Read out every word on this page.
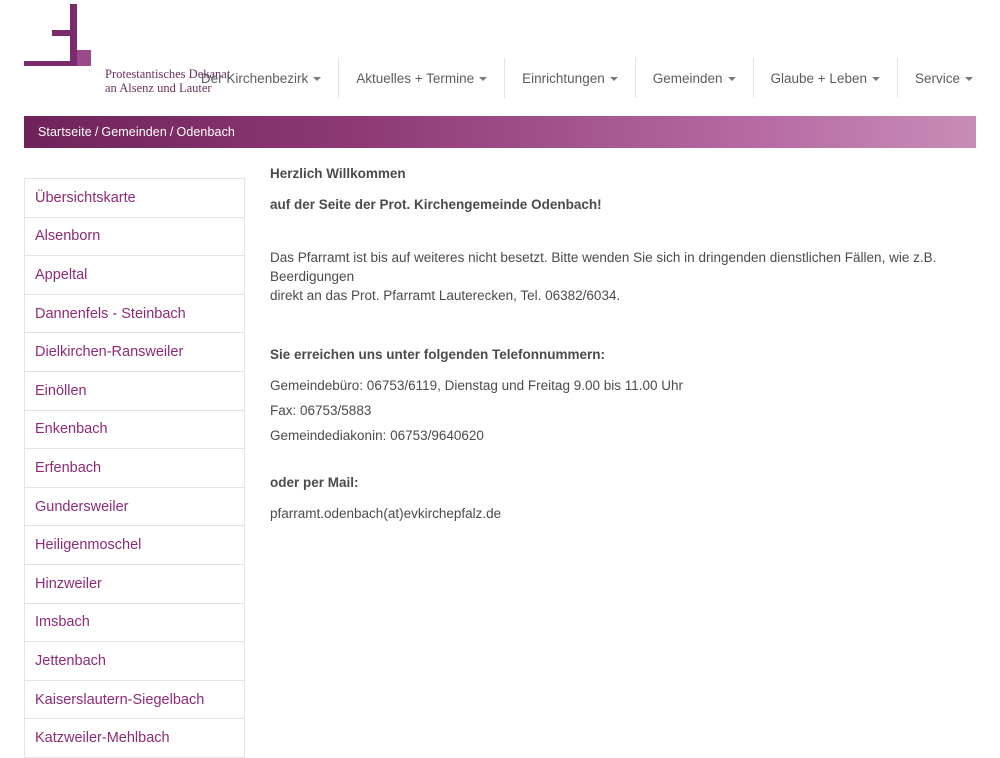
Protestantisches Dekanat
an Alsenz und Lauter
Der Kirchenbezirk	Aktuelles + Termine	Einrichtungen	Gemeinden	Glaube + Leben	Service
Startseite / Gemeinden / Odenbach
Übersichtskarte
Alsenborn
Appeltal
Dannenfels - Steinbach
Dielkirchen-Ransweiler
Einöllen
Enkenbach
Erfenbach
Gundersweiler
Heiligenmoschel
Hinzweiler
Imsbach
Jettenbach
Kaiserslautern-Siegelbach
Katzweiler-Mehlbach

Herzlich Willkommen

auf der Seite der Prot. Kirchengemeinde Odenbach!

Das Pfarramt ist bis auf weiteres nicht besetzt. Bitte wenden Sie sich in dringenden dienstlichen Fällen, wie z.B. Beerdigungen

direkt an das Prot. Pfarramt Lauterecken, Tel. 06382/6034.

Sie erreichen uns unter folgenden Telefonnummern:

Gemeindebüro: 06753/6119, Dienstag und Freitag 9.00 bis 11.00 Uhr

Fax: 06753/5883

Gemeindediakonin: 06753/9640620

oder per Mail:

pfarramt.odenbach(at)evkirchepfalz.de
